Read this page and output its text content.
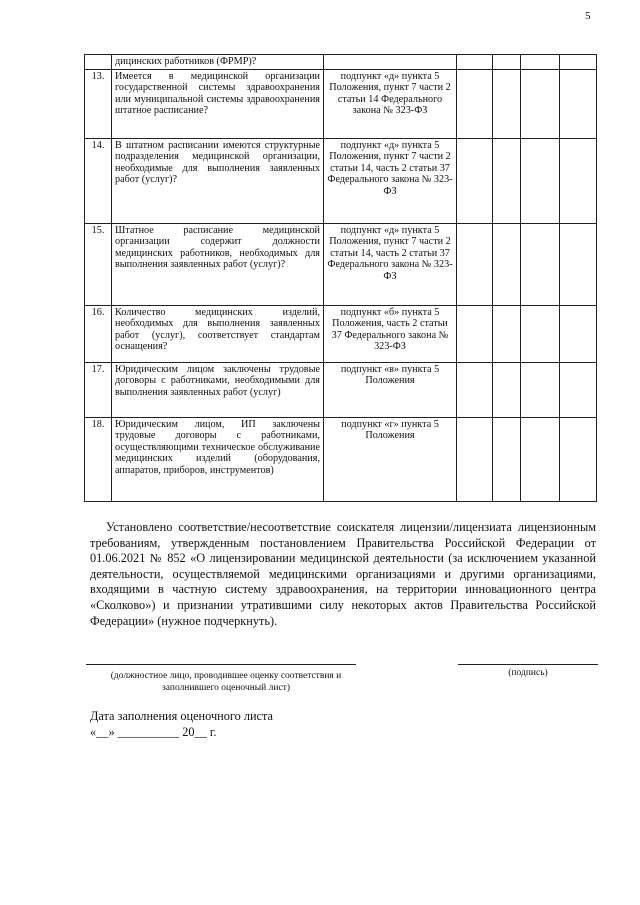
5
	дицинских работников (ФРМР)?					
13.	Имеется в медицинской организации государственной системы здравоохранения или муниципальной системы здравоохранения штатное расписание?	подпункт «д» пункта 5 Положения, пункт 7 части 2 статьи 14 Федерального закона № 323-ФЗ				
14.	В штатном расписании имеются структурные подразделения медицинской организации, необходимые для выполнения заявленных работ (услуг)?	подпункт «д» пункта 5 Положения, пункт 7 части 2 статьи 14, часть 2 статьи 37 Федерального закона № 323-ФЗ				
15.	Штатное расписание медицинской организации содержит должности медицинских работников, необходимых для выполнения заявленных работ (услуг)?	подпункт «д» пункта 5 Положения, пункт 7 части 2 статьи 14, часть 2 статьи 37 Федерального закона № 323-ФЗ				
16.	Количество медицинских изделий, необходимых для выполнения заявленных работ (услуг), соответствует стандартам оснащения?	подпункт «б» пункта 5 Положения, часть 2 статьи 37 Федерального закона № 323-ФЗ				
17.	Юридическим лицом заключены трудовые договоры с работниками, необходимыми для выполнения заявленных работ (услуг)	подпункт «в» пункта 5 Положения				
18.	Юридическим лицом, ИП заключены трудовые договоры с работниками, осуществляющими техническое обслуживание медицинских изделий (оборудования, аппаратов, приборов, инструментов)	подпункт «г» пункта 5 Положения				

Установлено соответствие/несоответствие соискателя лицензии/лицензиата лицензионным требованиям, утвержденным постановлением Правительства Российской Федерации от 01.06.2021 № 852 «О лицензировании медицинской деятельности (за исключением указанной деятельности, осуществляемой медицинскими организациями и другими организациями, входящими в частную систему здравоохранения, на территории инновационного центра «Сколково») и признании утратившими силу некоторых актов Правительства Российской Федерации» (нужное подчеркнуть).

(должностное лицо, проводившее оценку соответствия и заполнившего оценочный лист)
(подпись)
Дата заполнения оценочного листа
«__» __________ 20__ г.
